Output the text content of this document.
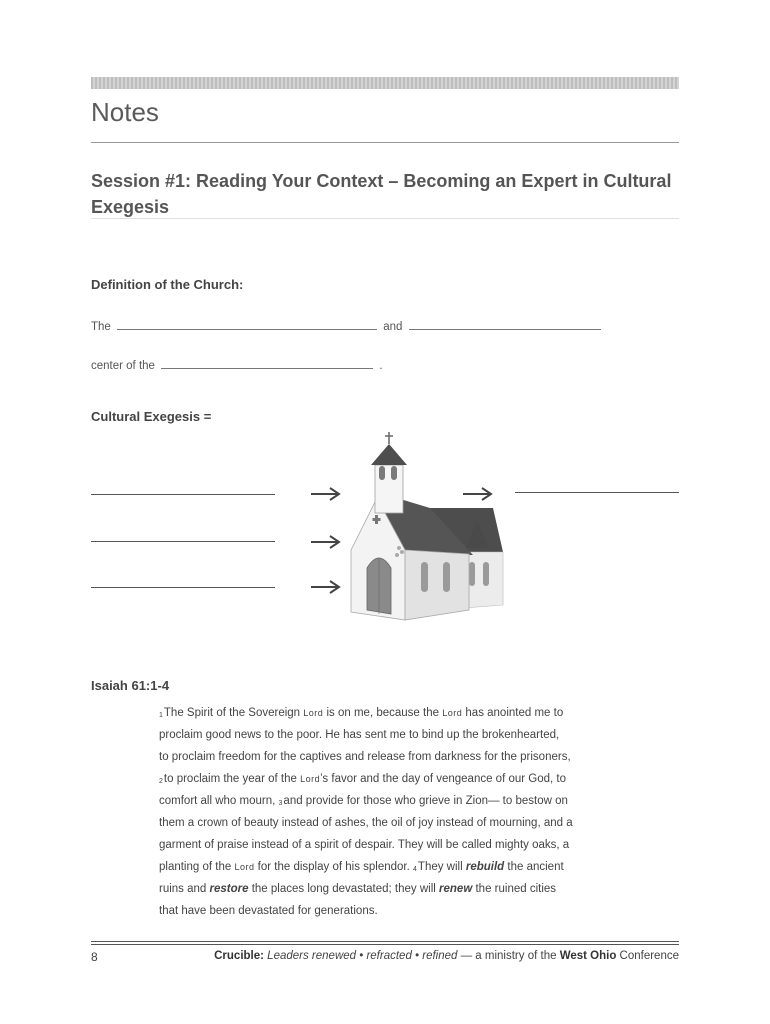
Notes
Session #1: Reading Your Context – Becoming an Expert in Cultural Exegesis
Definition of the Church:
The	and
center of the	.
Cultural Exegesis =
Isaiah 61:1-4

$^1$The Spirit of the Sovereign Lord is on me, because the Lord has anointed me to

proclaim good news to the poor. He has sent me to bind up the brokenhearted,

to proclaim freedom for the captives and release from darkness for the prisoners,

$^2$to proclaim the year of the Lord’s favor and the day of vengeance of our God, to

comfort all who mourn, $^3$and provide for those who grieve in Zion— to bestow on

them a crown of beauty instead of ashes, the oil of joy instead of mourning, and a

garment of praise instead of a spirit of despair. They will be called mighty oaks, a

planting of the Lord for the display of his splendor. $^4$They will rebuild the ancient

ruins and restore the places long devastated; they will renew the ruined cities

that have been devastated for generations.

8	Crucible: Leaders renewed • refracted • refined — a ministry of the West Ohio Conference
